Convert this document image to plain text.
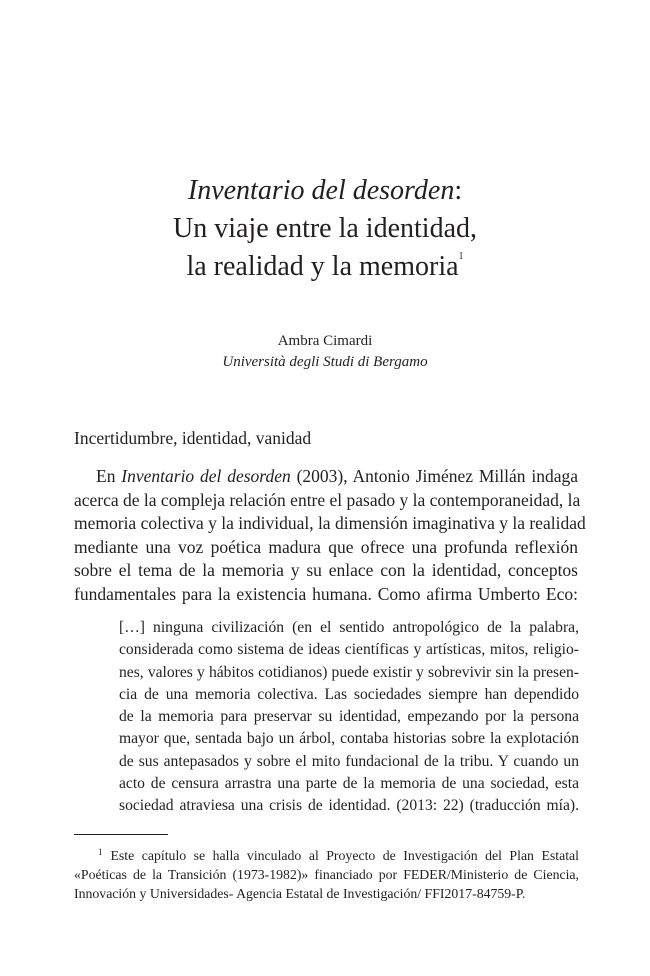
Inventario del desorden:
Un viaje entre la identidad,
la realidad y la memoria$^1$
Ambra Cimardi
Università degli Studi di Bergamo
Incertidumbre, identidad, vanidad
En Inventario del desorden (2003), Antonio Jiménez Millán indaga
acerca de la compleja relación entre el pasado y la contemporaneidad, la
memoria colectiva y la individual, la dimensión imaginativa y la realidad
mediante una voz poética madura que ofrece una profunda reflexión
sobre el tema de la memoria y su enlace con la identidad, conceptos
fundamentales para la existencia humana. Como afirma Umberto Eco:
[…] ninguna civilización (en el sentido antropológico de la palabra,
considerada como sistema de ideas científicas y artísticas, mitos, religio-
nes, valores y hábitos cotidianos) puede existir y sobrevivir sin la presen-
cia de una memoria colectiva. Las sociedades siempre han dependido
de la memoria para preservar su identidad, empezando por la persona
mayor que, sentada bajo un árbol, contaba historias sobre la explotación
de sus antepasados y sobre el mito fundacional de la tribu. Y cuando un
acto de censura arrastra una parte de la memoria de una sociedad, esta
sociedad atraviesa una crisis de identidad. (2013: 22) (traducción mía).
$^1$ Este capítulo se halla vinculado al Proyecto de Investigación del Plan Estatal
«Poéticas de la Transición (1973-1982)» financiado por FEDER/Ministerio de Ciencia,
Innovación y Universidades- Agencia Estatal de Investigación/ FFI2017-84759-P.
